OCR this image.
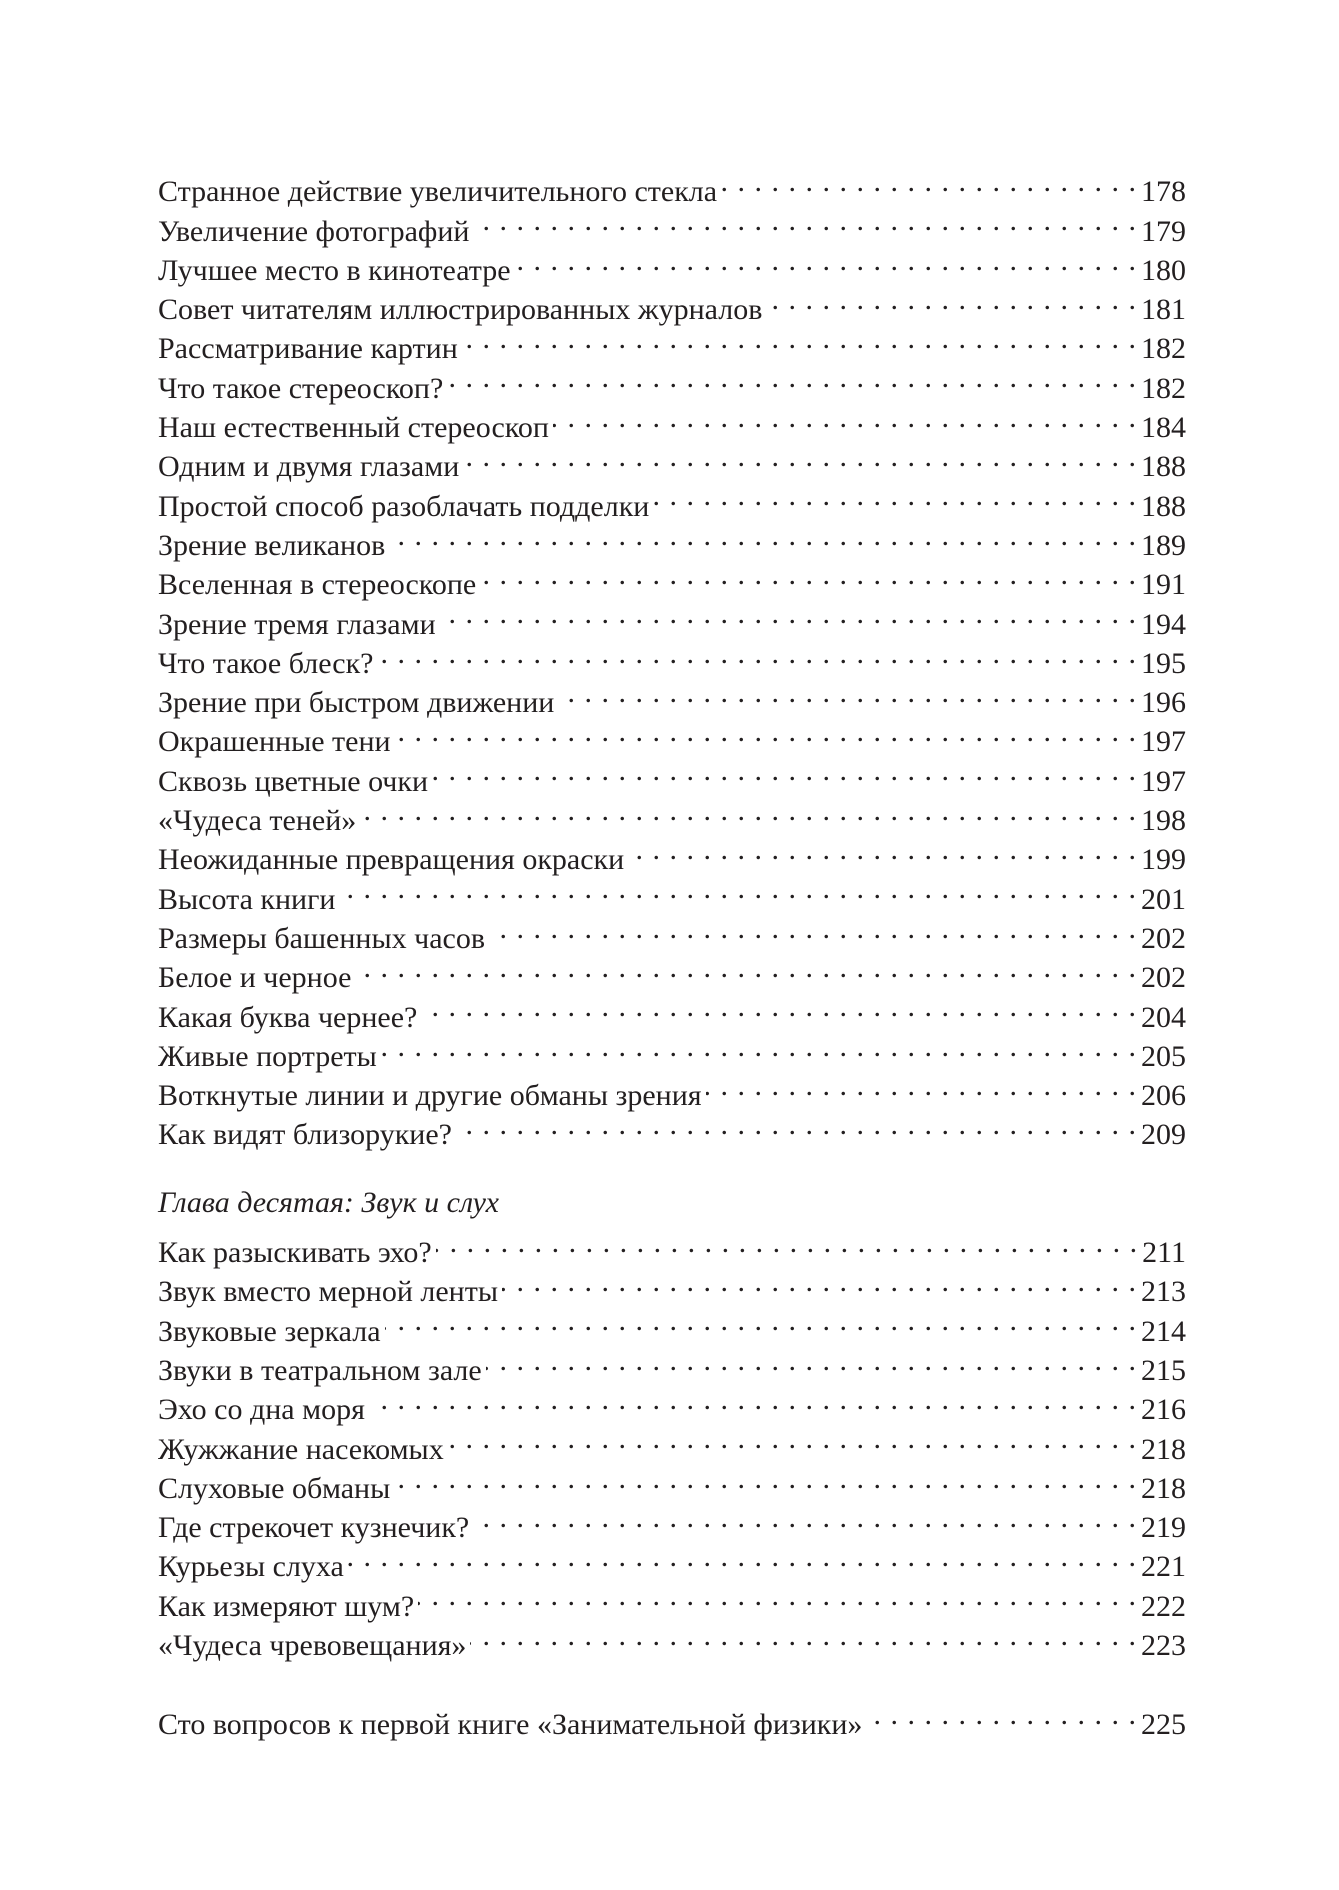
Странное действие увеличительного стекла . . .	178
Увеличение фотографий . . .	179
Лучшее место в кинотеатре . . .	180
Совет читателям иллюстрированных журналов . . .	181
Рассматривание картин . . .	182
Что такое стереоскоп? . . .	182
Наш естественный стереоскоп . . .	184
Одним и двумя глазами . . .	188
Простой способ разоблачать подделки . . .	188
Зрение великанов . . .	189
Вселенная в стереоскопе . . .	191
Зрение тремя глазами . . .	194
Что такое блеск? . . .	195
Зрение при быстром движении . . .	196
Окрашенные тени . . .	197
Сквозь цветные очки . . .	197
«Чудеса теней» . . .	198
Неожиданные превращения окраски . . .	199
Высота книги . . .	201
Размеры башенных часов . . .	202
Белое и черное . . .	202
Какая буква чернее? . . .	204
Живые портреты . . .	205
Воткнутые линии и другие обманы зрения . . .	206
Как видят близорукие? . . .	209
Глава десятая: Звук и слух
Как разыскивать эхо? . . .	211
Звук вместо мерной ленты . . .	213
Звуковые зеркала . . .	214
Звуки в театральном зале . . .	215
Эхо со дна моря . . .	216
Жужжание насекомых . . .	218
Слуховые обманы . . .	218
Где стрекочет кузнечик? . . .	219
Курьезы слуха . . .	221
Как измеряют шум? . . .	222
«Чудеса чревовещания» . . .	223
Сто вопросов к первой книге «Занимательной физики» . . .	225
